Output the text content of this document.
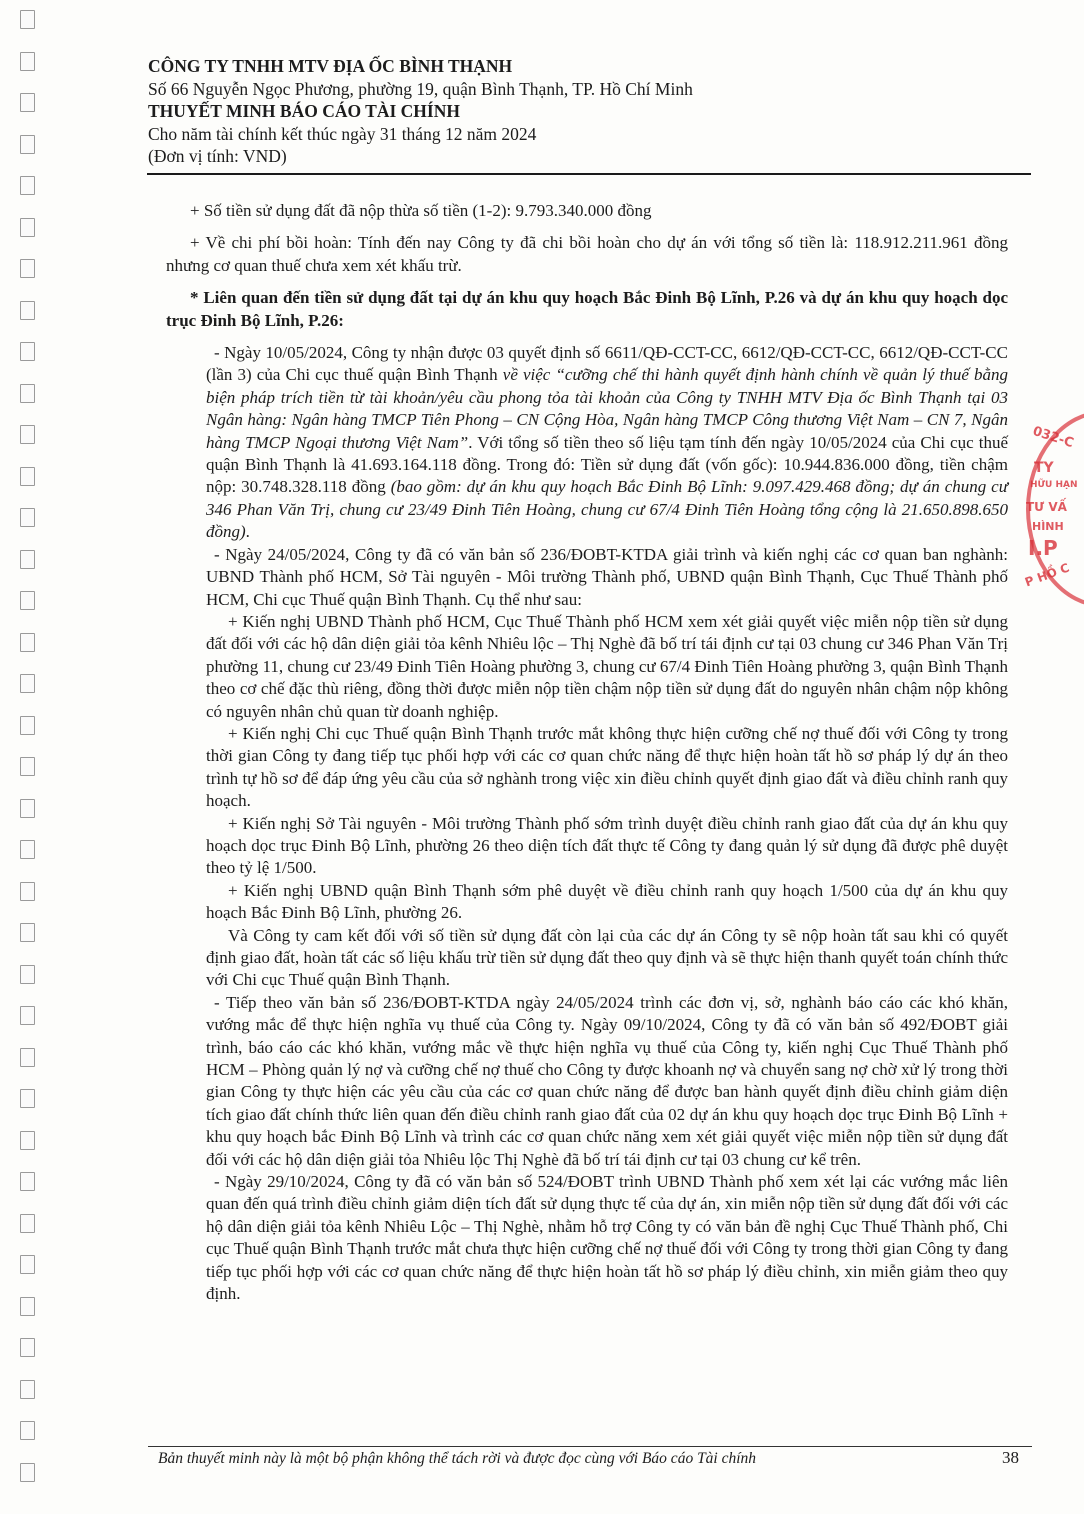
CÔNG TY TNHH MTV ĐỊA ỐC BÌNH THẠNH
Số 66 Nguyễn Ngọc Phương, phường 19, quận Bình Thạnh, TP. Hồ Chí Minh
THUYẾT MINH BÁO CÁO TÀI CHÍNH
Cho năm tài chính kết thúc ngày 31 tháng 12 năm 2024
(Đơn vị tính: VND)

+ Số tiền sử dụng đất đã nộp thừa số tiền (1-2): 9.793.340.000 đồng

+ Về chi phí bồi hoàn: Tính đến nay Công ty đã chi bồi hoàn cho dự án với tổng số tiền là: 118.912.211.961 đồng nhưng cơ quan thuế chưa xem xét khấu trừ.

* Liên quan đến tiền sử dụng đất tại dự án khu quy hoạch Bắc Đinh Bộ Lĩnh, P.26 và dự án khu quy hoạch dọc trục Đinh Bộ Lĩnh, P.26:

- Ngày 10/05/2024, Công ty nhận được 03 quyết định số 6611/QĐ-CCT-CC, 6612/QĐ-CCT-CC, 6612/QĐ-CCT-CC (lần 3) của Chi cục thuế quận Bình Thạnh về việc “cưỡng chế thi hành quyết định hành chính về quản lý thuế bằng biện pháp trích tiền từ tài khoản/yêu cầu phong tỏa tài khoản của Công ty TNHH MTV Địa ốc Bình Thạnh tại 03 Ngân hàng: Ngân hàng TMCP Tiên Phong – CN Cộng Hòa, Ngân hàng TMCP Công thương Việt Nam – CN 7, Ngân hàng TMCP Ngoại thương Việt Nam”. Với tổng số tiền theo số liệu tạm tính đến ngày 10/05/2024 của Chi cục thuế quận Bình Thạnh là 41.693.164.118 đồng. Trong đó: Tiền sử dụng đất (vốn gốc): 10.944.836.000 đồng, tiền chậm nộp: 30.748.328.118 đồng (bao gồm: dự án khu quy hoạch Bắc Đinh Bộ Lĩnh: 9.097.429.468 đồng; dự án chung cư 346 Phan Văn Trị, chung cư 23/49 Đinh Tiên Hoàng, chung cư 67/4 Đinh Tiên Hoàng tổng cộng là 21.650.898.650 đồng).

- Ngày 24/05/2024, Công ty đã có văn bản số 236/ĐOBT-KTDA giải trình và kiến nghị các cơ quan ban nghành: UBND Thành phố HCM, Sở Tài nguyên - Môi trường Thành phố, UBND quận Bình Thạnh, Cục Thuế Thành phố HCM, Chi cục Thuế quận Bình Thạnh. Cụ thể như sau:

+ Kiến nghị UBND Thành phố HCM, Cục Thuế Thành phố HCM xem xét giải quyết việc miễn nộp tiền sử dụng đất đối với các hộ dân diện giải tỏa kênh Nhiêu lộc – Thị Nghè đã bố trí tái định cư tại 03 chung cư 346 Phan Văn Trị phường 11, chung cư 23/49 Đinh Tiên Hoàng phường 3, chung cư 67/4 Đinh Tiên Hoàng phường 3, quận Bình Thạnh theo cơ chế đặc thù riêng, đồng thời được miễn nộp tiền chậm nộp tiền sử dụng đất do nguyên nhân chậm nộp không có nguyên nhân chủ quan từ doanh nghiệp.

+ Kiến nghị Chi cục Thuế quận Bình Thạnh trước mắt không thực hiện cưỡng chế nợ thuế đối với Công ty trong thời gian Công ty đang tiếp tục phối hợp với các cơ quan chức năng để thực hiện hoàn tất hồ sơ pháp lý dự án theo trình tự hồ sơ để đáp ứng yêu cầu của sở nghành trong việc xin điều chỉnh quyết định giao đất và điều chỉnh ranh quy hoạch.

+ Kiến nghị Sở Tài nguyên - Môi trường Thành phố sớm trình duyệt điều chỉnh ranh giao đất của dự án khu quy hoạch dọc trục Đinh Bộ Lĩnh, phường 26 theo diện tích đất thực tế Công ty đang quản lý sử dụng đã được phê duyệt theo tỷ lệ 1/500.

+ Kiến nghị UBND quận Bình Thạnh sớm phê duyệt về điều chỉnh ranh quy hoạch 1/500 của dự án khu quy hoạch Bắc Đinh Bộ Lĩnh, phường 26.

Và Công ty cam kết đối với số tiền sử dụng đất còn lại của các dự án Công ty sẽ nộp hoàn tất sau khi có quyết định giao đất, hoàn tất các số liệu khấu trừ tiền sử dụng đất theo quy định và sẽ thực hiện thanh quyết toán chính thức với Chi cục Thuế quận Bình Thạnh.

- Tiếp theo văn bản số 236/ĐOBT-KTDA ngày 24/05/2024 trình các đơn vị, sở, nghành báo cáo các khó khăn, vướng mắc để thực hiện nghĩa vụ thuế của Công ty. Ngày 09/10/2024, Công ty đã có văn bản số 492/ĐOBT giải trình, báo cáo các khó khăn, vướng mắc về thực hiện nghĩa vụ thuế của Công ty, kiến nghị Cục Thuế Thành phố HCM – Phòng quản lý nợ và cưỡng chế nợ thuế cho Công ty được khoanh nợ và chuyển sang nợ chờ xử lý trong thời gian Công ty thực hiện các yêu cầu của các cơ quan chức năng để được ban hành quyết định điều chỉnh giảm diện tích giao đất chính thức liên quan đến điều chỉnh ranh giao đất của 02 dự án khu quy hoạch dọc trục Đinh Bộ Lĩnh + khu quy hoạch bắc Đinh Bộ Lĩnh và trình các cơ quan chức năng xem xét giải quyết việc miễn nộp tiền sử dụng đất đối với các hộ dân diện giải tỏa Nhiêu lộc Thị Nghè đã bố trí tái định cư tại 03 chung cư kể trên.

- Ngày 29/10/2024, Công ty đã có văn bản số 524/ĐOBT trình UBND Thành phố xem xét lại các vướng mắc liên quan đến quá trình điều chỉnh giảm diện tích đất sử dụng thực tế của dự án, xin miễn nộp tiền sử dụng đất đối với các hộ dân diện giải tỏa kênh Nhiêu Lộc – Thị Nghè, nhằm hỗ trợ Công ty có văn bản đề nghị Cục Thuế Thành phố, Chi cục Thuế quận Bình Thạnh trước mắt chưa thực hiện cưỡng chế nợ thuế đối với Công ty trong thời gian Công ty đang tiếp tục phối hợp với các cơ quan chức năng để thực hiện hoàn tất hồ sơ pháp lý điều chỉnh, xin miễn giảm theo quy định.

032-C
TY
HỮU HẠN
TƯ VẤ
HÌNH
I.P
P HỒ C
Bản thuyết minh này là một bộ phận không thể tách rời và được đọc cùng với Báo cáo Tài chính	38
